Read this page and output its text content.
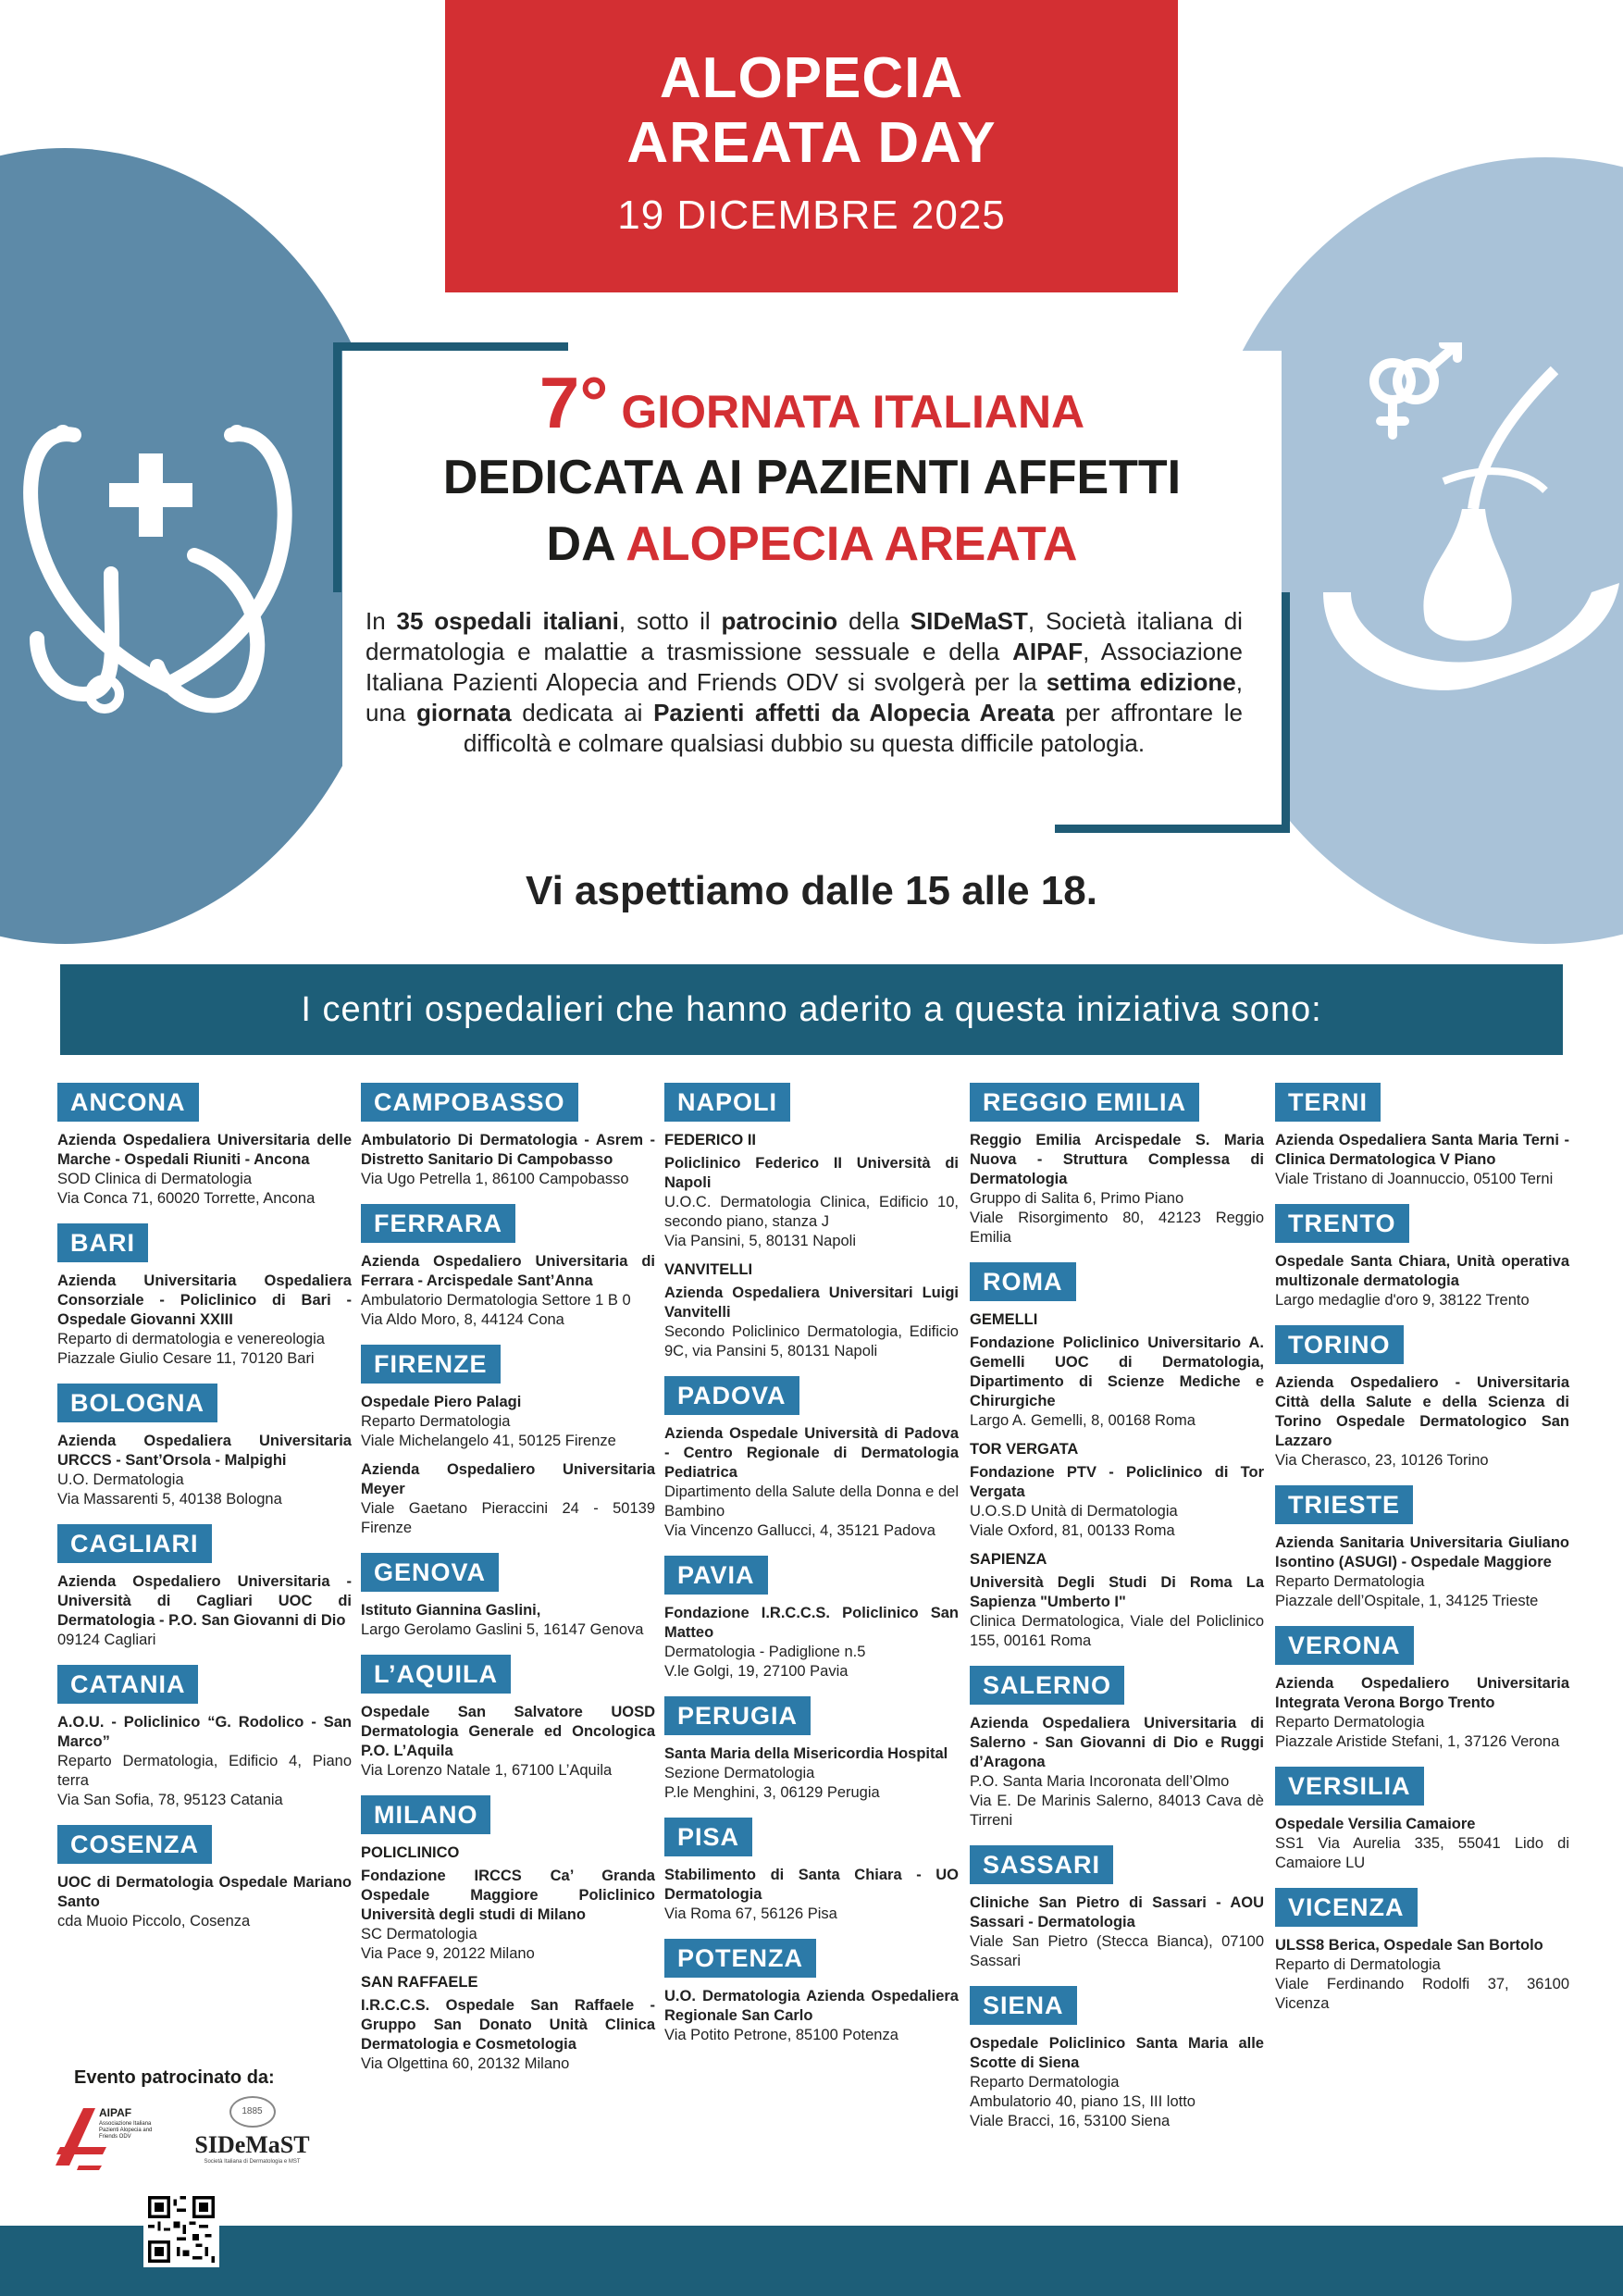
ALOPECIA
AREATA DAY
19 DICEMBRE 2025
7° GIORNATA ITALIANA
DEDICATA AI PAZIENTI AFFETTI
DA ALOPECIA AREATA
In 35 ospedali italiani, sotto il patrocinio della SIDeMaST, Società italiana di dermatologia e malattie a trasmissione sessuale e della AIPAF, Associazione Italiana Pazienti Alopecia and Friends ODV si svolgerà per la settima edizione, una giornata dedicata ai Pazienti affetti da Alopecia Areata per affrontare le difficoltà e colmare qualsiasi dubbio su questa difficile patologia.
Vi aspettiamo dalle 15 alle 18.
I centri ospedalieri che hanno aderito a questa iniziativa sono:
ANCONA
Azienda Ospedaliera Universitaria delle Marche - Ospedali Riuniti - Ancona
SOD Clinica di Dermatologia
Via Conca 71, 60020 Torrette, Ancona
BARI
Azienda Universitaria Ospedaliera Consorziale - Policlinico di Bari - Ospedale Giovanni XXIII
Reparto di dermatologia e venereologia
Piazzale Giulio Cesare 11, 70120 Bari
BOLOGNA
Azienda Ospedaliera Universitaria URCCS - Sant’Orsola - Malpighi
U.O. Dermatologia
Via Massarenti 5, 40138 Bologna
CAGLIARI
Azienda Ospedaliero Universitaria - Università di Cagliari UOC di Dermatologia - P.O. San Giovanni di Dio
09124 Cagliari
CATANIA
A.O.U. - Policlinico “G. Rodolico - San Marco”
Reparto Dermatologia, Edificio 4, Piano terra
Via San Sofia, 78, 95123 Catania
COSENZA
UOC di Dermatologia Ospedale Mariano Santo
cda Muoio Piccolo, Cosenza
CAMPOBASSO
Ambulatorio Di Dermatologia - Asrem - Distretto Sanitario Di Campobasso
Via Ugo Petrella 1, 86100 Campobasso
FERRARA
Azienda Ospedaliero Universitaria di Ferrara - Arcispedale Sant’Anna
Ambulatorio Dermatologia Settore 1 B 0
Via Aldo Moro, 8, 44124 Cona
FIRENZE
Ospedale Piero Palagi
Reparto Dermatologia
Viale Michelangelo 41, 50125 Firenze
Azienda Ospedaliero Universitaria Meyer
Viale Gaetano Pieraccini 24 - 50139 Firenze
GENOVA
Istituto Giannina Gaslini,
Largo Gerolamo Gaslini 5, 16147 Genova
L’AQUILA
Ospedale San Salvatore UOSD Dermatologia Generale ed Oncologica P.O. L’Aquila
Via Lorenzo Natale 1, 67100 L’Aquila
MILANO
POLICLINICO
Fondazione IRCCS Ca’ Granda Ospedale Maggiore Policlinico Università degli studi di Milano
SC Dermatologia
Via Pace 9, 20122 Milano
SAN RAFFAELE
I.R.C.C.S. Ospedale San Raffaele - Gruppo San Donato Unità Clinica Dermatologia e Cosmetologia
Via Olgettina 60, 20132 Milano
NAPOLI
FEDERICO II
Policlinico Federico II Università di Napoli
U.O.C. Dermatologia Clinica, Edificio 10, secondo piano, stanza J
Via Pansini, 5, 80131 Napoli
VANVITELLI
Azienda Ospedaliera Universitari Luigi Vanvitelli
Secondo Policlinico Dermatologia, Edificio 9C, via Pansini 5, 80131 Napoli
PADOVA
Azienda Ospedale Università di Padova - Centro Regionale di Dermatologia Pediatrica
Dipartimento della Salute della Donna e del Bambino
Via Vincenzo Gallucci, 4, 35121 Padova
PAVIA
Fondazione I.R.C.C.S. Policlinico San Matteo
Dermatologia - Padiglione n.5
V.le Golgi, 19, 27100 Pavia
PERUGIA
Santa Maria della Misericordia Hospital
Sezione Dermatologia
P.le Menghini, 3, 06129 Perugia
PISA
Stabilimento di Santa Chiara - UO Dermatologia
Via Roma 67, 56126 Pisa
POTENZA
U.O. Dermatologia Azienda Ospedaliera Regionale San Carlo
Via Potito Petrone, 85100 Potenza
REGGIO EMILIA
Reggio Emilia Arcispedale S. Maria Nuova - Struttura Complessa di Dermatologia
Gruppo di Salita 6, Primo Piano
Viale Risorgimento 80, 42123 Reggio Emilia
ROMA
GEMELLI
Fondazione Policlinico Universitario A. Gemelli UOC di Dermatologia, Dipartimento di Scienze Mediche e Chirurgiche
Largo A. Gemelli, 8, 00168 Roma
TOR VERGATA
Fondazione PTV - Policlinico di Tor Vergata
U.O.S.D Unità di Dermatologia
Viale Oxford, 81, 00133 Roma
SAPIENZA
Università Degli Studi Di Roma La Sapienza "Umberto I"
Clinica Dermatologica, Viale del Policlinico 155, 00161 Roma
SALERNO
Azienda Ospedaliera Universitaria di Salerno - San Giovanni di Dio e Ruggi d’Aragona
P.O. Santa Maria Incoronata dell’Olmo
Via E. De Marinis Salerno, 84013 Cava dè Tirreni
SASSARI
Cliniche San Pietro di Sassari - AOU Sassari - Dermatologia
Viale San Pietro (Stecca Bianca), 07100 Sassari
SIENA
Ospedale Policlinico Santa Maria alle Scotte di Siena
Reparto Dermatologia
Ambulatorio 40, piano 1S, III lotto
Viale Bracci, 16, 53100 Siena
TERNI
Azienda Ospedaliera Santa Maria Terni - Clinica Dermatologica V Piano
Viale Tristano di Joannuccio, 05100 Terni
TRENTO
Ospedale Santa Chiara, Unità operativa multizonale dermatologia
Largo medaglie d'oro 9, 38122 Trento
TORINO
Azienda Ospedaliero - Universitaria Città della Salute e della Scienza di Torino Ospedale Dermatologico San Lazzaro
Via Cherasco, 23, 10126 Torino
TRIESTE
Azienda Sanitaria Universitaria Giuliano Isontino (ASUGI) - Ospedale Maggiore
Reparto Dermatologia
Piazzale dell’Ospitale, 1, 34125 Trieste
VERONA
Azienda Ospedaliero Universitaria Integrata Verona Borgo Trento
Reparto Dermatologia
Piazzale Aristide Stefani, 1, 37126 Verona
VERSILIA
Ospedale Versilia Camaiore
SS1 Via Aurelia 335, 55041 Lido di Camaiore LU
VICENZA
ULSS8 Berica, Ospedale San Bortolo
Reparto di Dermatologia
Viale Ferdinando Rodolfi 37, 36100 Vicenza
Evento patrocinato da:
AIPAF
Associazione Italiana Pazienti Alopecia and Friends ODV
1885
SIDeMaST
Società Italiana di Dermatologia e MST
